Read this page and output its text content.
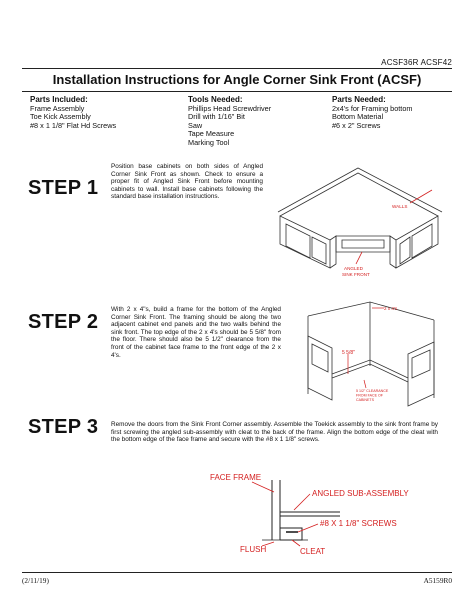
ACSF36R ACSF42
Installation Instructions for Angle Corner Sink Front (ACSF)
Parts Included:
Frame Assembly
Toe Kick Assembly
#8 x 1 1/8" Flat Hd Screws
Tools Needed:
Phillips Head Screwdriver
Drill with 1/16" Bit
Saw
Tape Measure
Marking Tool
Parts Needed:
2x4's for Framing bottom
Bottom Material
#6 x 2" Screws
STEP 1
Position base cabinets on both sides of Angled Corner Sink Front as shown. Check to ensure a proper fit of Angled Sink Front before mounting cabinets to wall. Install base cabinets following the standard base installation instructions.
WALLS
ANGLED
SINK FRONT
STEP 2
With 2 x 4"s, build a frame for the bottom of the Angled Corner Sink Front. The framing should be along the two adjacent cabinet end panels and the two walls behind the sink front. The top edge of the 2 x 4's should be 5 5/8" from the floor. There should also be 5 1/2" clearance from the front of the cabinet face frame to the front edge of the 2 x 4's.
2 x 4's
5 5/8"
5 1/2" CLEARANCE
FROM FACE OF
CABINETS
STEP 3 Remove the doors from the Sink Front Corner assembly. Assemble the Toekick assembly to the sink front frame by first screwing the angled sub-assembly with cleat to the back of the frame. Align the bottom edge of the cleat with the bottom edge of the face frame and secure with the #8 x 1 1/8" screws.
FACE FRAME
ANGLED SUB-ASSEMBLY
#8 X 1 1/8" SCREWS
FLUSH	CLEAT
(2/11/19)	A5159R0
